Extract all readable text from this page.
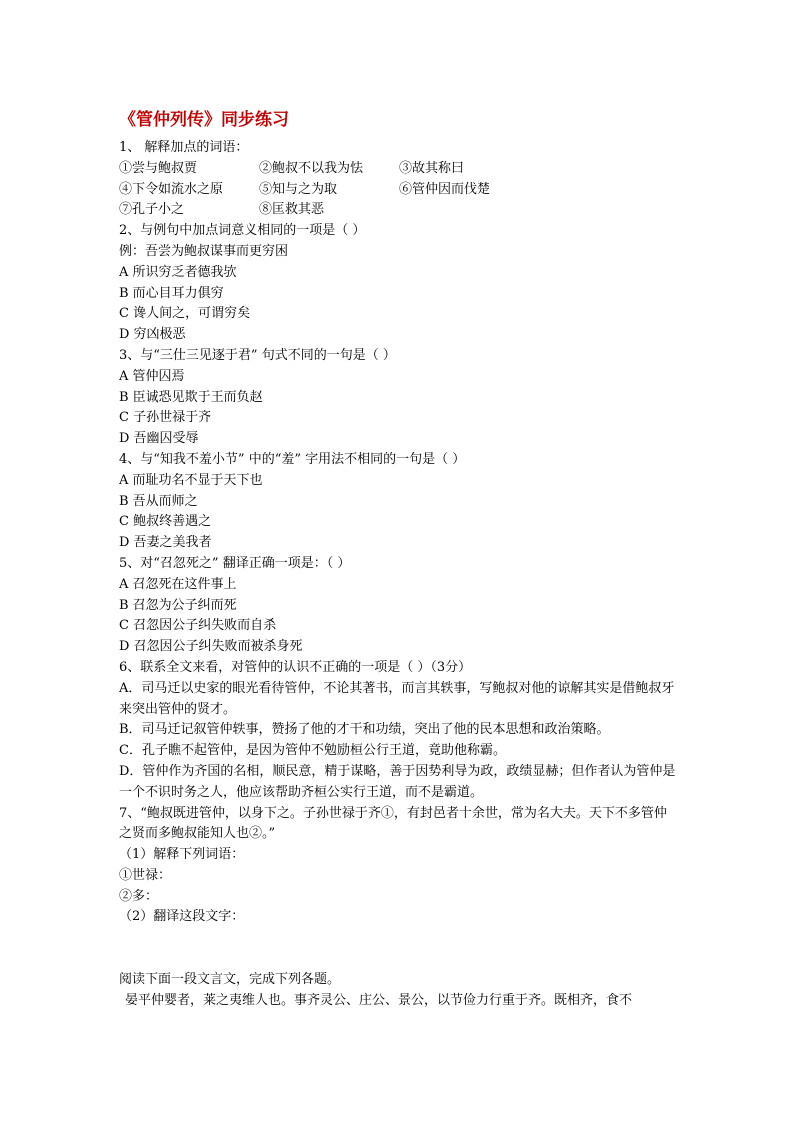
《管仲列传》同步练习
1、 解释加点的词语：
①尝与鲍叔贾	②鲍叔不以我为怯	③故其称曰
④下令如流水之原	⑤知与之为取	⑥管仲因而伐楚
⑦孔子小之	⑧匡救其恶
2、与例句中加点词意义相同的一项是（ ）
例：吾尝为鲍叔谋事而更穷困
A 所识穷乏者德我欤
B 而心目耳力俱穷
C 谗人间之，可谓穷矣
D 穷凶极恶
3、与“三仕三见逐于君” 句式不同的一句是（ ）
A 管仲囚焉
B 臣诚恐见欺于王而负赵
C 子孙世禄于齐
D 吾幽囚受辱
4、与“知我不羞小节” 中的“羞” 字用法不相同的一句是（ ）
A 而耻功名不显于天下也
B 吾从而师之
C 鲍叔终善遇之
D 吾妻之美我者
5、对“召忽死之” 翻译正确一项是：（ ）
A 召忽死在这件事上
B 召忽为公子纠而死
C 召忽因公子纠失败而自杀
D 召忽因公子纠失败而被杀身死
6、联系全文来看，对管仲的认识不正确的一项是（ ）（3分）
A．司马迁以史家的眼光看待管仲，不论其著书，而言其轶事，写鲍叔对他的谅解其实是借鲍叔牙来突出管仲的贤才。
B．司马迁记叙管仲轶事，赞扬了他的才干和功绩，突出了他的民本思想和政治策略。
C．孔子瞧不起管仲，是因为管仲不勉励桓公行王道，竟助他称霸。
D．管仲作为齐国的名相，顺民意，精于谋略，善于因势利导为政，政绩显赫；但作者认为管仲是一个不识时务之人，他应该帮助齐桓公实行王道，而不是霸道。
7、“鲍叔既进管仲，以身下之。子孙世禄于齐①，有封邑者十余世，常为名大夫。天下不多管仲之贤而多鲍叔能知人也②。”
（1）解释下列词语：
①世禄：
②多：
（2）翻译这段文字：
阅读下面一段文言文，完成下列各题。
晏平仲婴者，莱之夷维人也。事齐灵公、庄公、景公，以节俭力行重于齐。既相齐，食不
